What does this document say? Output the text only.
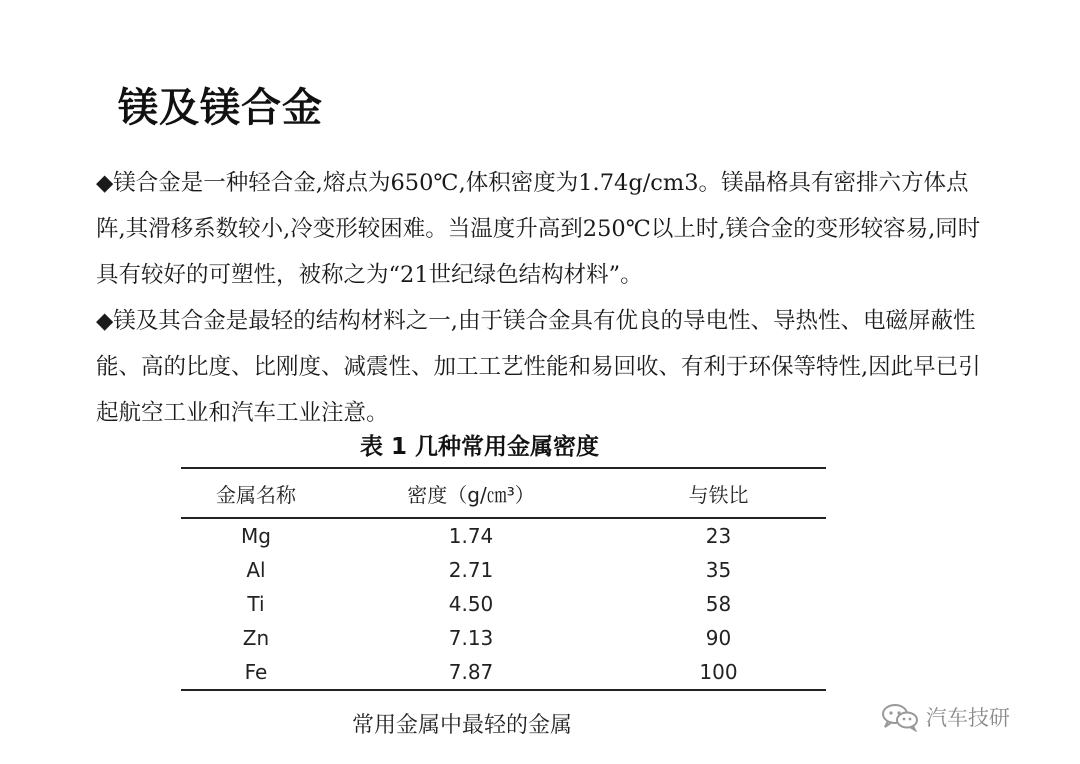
镁及镁合金

◆镁合金是一种轻合金,熔点为650℃,体积密度为1.74g/cm3。镁晶格具有密排六方体点阵,其滑移系数较小,冷变形较困难。当温度升高到250℃以上时,镁合金的变形较容易,同时具有较好的可塑性，被称之为“21世纪绿色结构材料”。

◆镁及其合金是最轻的结构材料之一,由于镁合金具有优良的导电性、导热性、电磁屏蔽性能、高的比度、比刚度、减震性、加工工艺性能和易回收、有利于环保等特性,因此早已引起航空工业和汽车工业注意。

表 1 几种常用金属密度
金属名称	密度（g/㎝³）	与铁比
Mg	1.74	23
Al	2.71	35
Ti	4.50	58
Zn	7.13	90
Fe	7.87	100
常用金属中最轻的金属	汽车技研
